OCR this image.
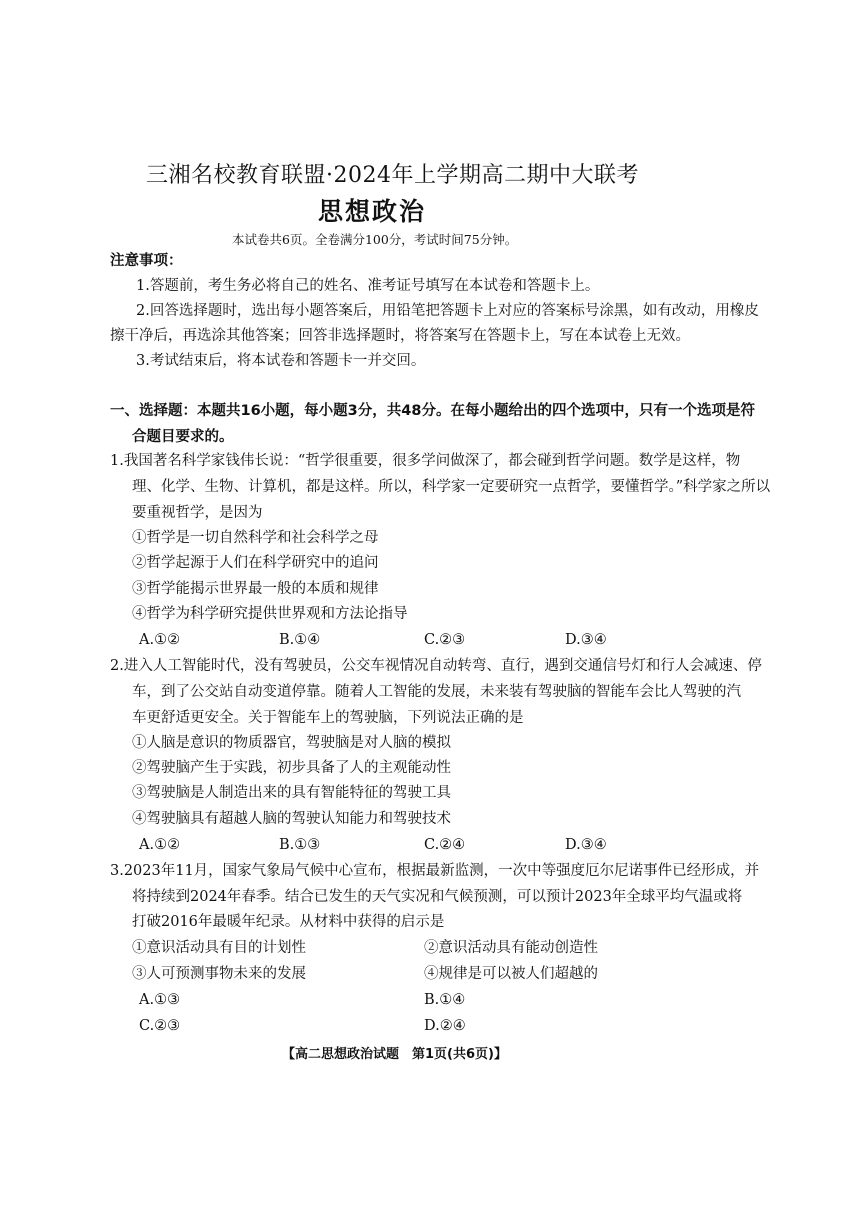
三湘名校教育联盟·2024年上学期高二期中大联考
思想政治
本试卷共6页。全卷满分100分，考试时间75分钟。
注意事项：
1.答题前，考生务必将自己的姓名、准考证号填写在本试卷和答题卡上。
2.回答选择题时，选出每小题答案后，用铅笔把答题卡上对应的答案标号涂黑，如有改动，用橡皮
擦干净后，再选涂其他答案；回答非选择题时，将答案写在答题卡上，写在本试卷上无效。
3.考试结束后，将本试卷和答题卡一并交回。
一、选择题：本题共16小题，每小题3分，共48分。在每小题给出的四个选项中，只有一个选项是符
合题目要求的。
1.我国著名科学家钱伟长说：“哲学很重要，很多学问做深了，都会碰到哲学问题。数学是这样，物
理、化学、生物、计算机，都是这样。所以，科学家一定要研究一点哲学，要懂哲学。”科学家之所以
要重视哲学，是因为
①哲学是一切自然科学和社会科学之母
②哲学起源于人们在科学研究中的追问
③哲学能揭示世界最一般的本质和规律
④哲学为科学研究提供世界观和方法论指导
A.①②	B.①④	C.②③	D.③④
2.进入人工智能时代，没有驾驶员，公交车视情况自动转弯、直行，遇到交通信号灯和行人会减速、停
车，到了公交站自动变道停靠。随着人工智能的发展，未来装有驾驶脑的智能车会比人驾驶的汽
车更舒适更安全。关于智能车上的驾驶脑，下列说法正确的是
①人脑是意识的物质器官，驾驶脑是对人脑的模拟
②驾驶脑产生于实践，初步具备了人的主观能动性
③驾驶脑是人制造出来的具有智能特征的驾驶工具
④驾驶脑具有超越人脑的驾驶认知能力和驾驶技术
A.①②	B.①③	C.②④	D.③④
3.2023年11月，国家气象局气候中心宣布，根据最新监测，一次中等强度厄尔尼诺事件已经形成，并
将持续到2024年春季。结合已发生的天气实况和气候预测，可以预计2023年全球平均气温或将
打破2016年最暖年纪录。从材料中获得的启示是
①意识活动具有目的计划性	②意识活动具有能动创造性
③人可预测事物未来的发展	④规律是可以被人们超越的
A.①③	B.①④
C.②③	D.②④
【高二思想政治试题　第1页(共6页)】
